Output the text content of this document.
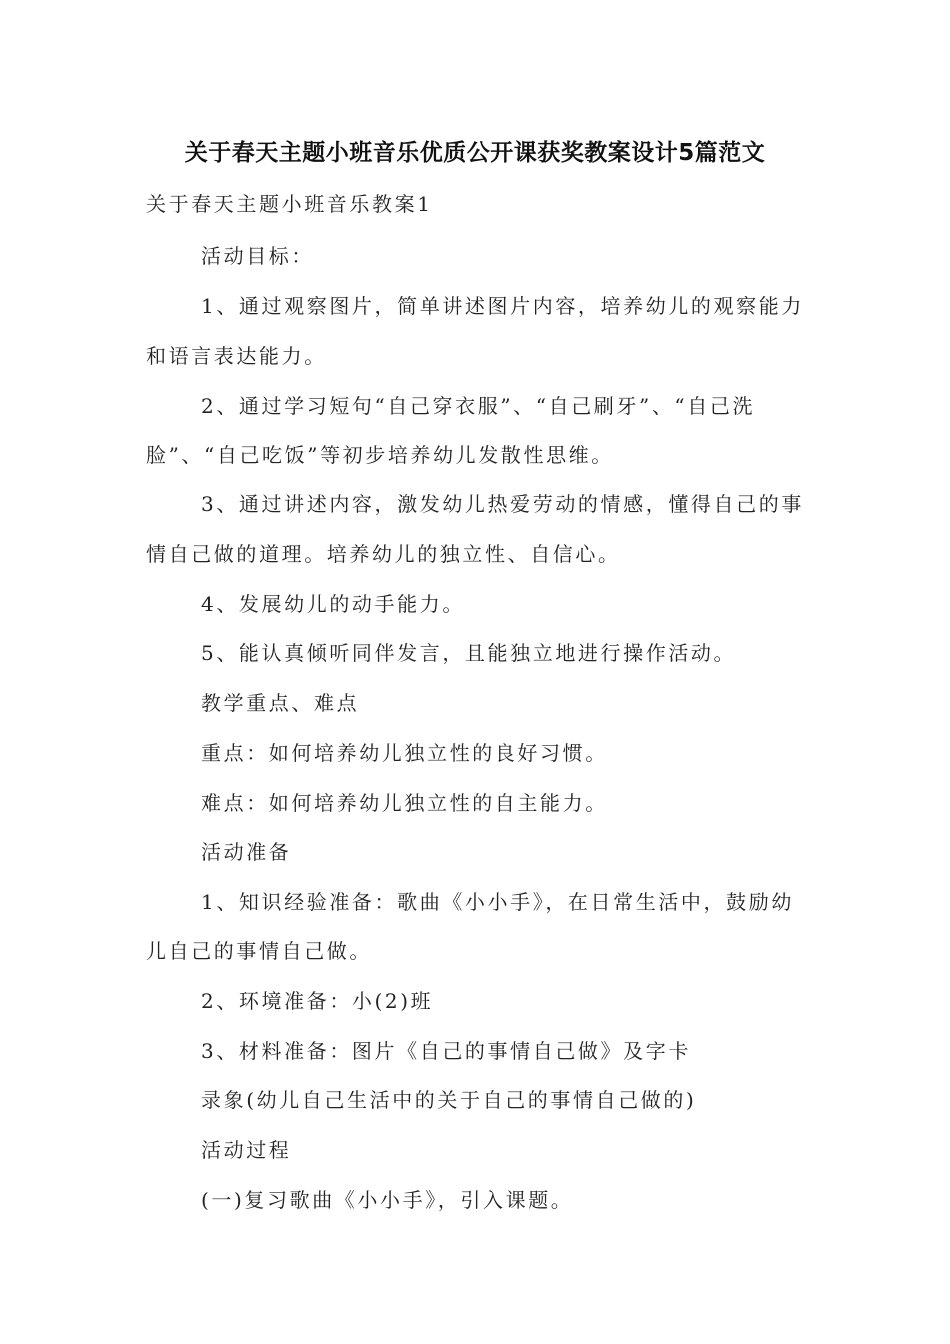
关于春天主题小班音乐优质公开课获奖教案设计5篇范文
关于春天主题小班音乐教案1
活动目标：
1、通过观察图片，简单讲述图片内容，培养幼儿的观察能力
和语言表达能力。
2、通过学习短句“自己穿衣服”、“自己刷牙”、“自己洗
脸”、“自己吃饭”等初步培养幼儿发散性思维。
3、通过讲述内容，激发幼儿热爱劳动的情感，懂得自己的事
情自己做的道理。培养幼儿的独立性、自信心。
4、发展幼儿的动手能力。
5、能认真倾听同伴发言，且能独立地进行操作活动。
教学重点、难点
重点：如何培养幼儿独立性的良好习惯。
难点：如何培养幼儿独立性的自主能力。
活动准备
1、知识经验准备：歌曲《小小手》，在日常生活中，鼓励幼
儿自己的事情自己做。
2、环境准备：小(2)班
3、材料准备：图片《自己的事情自己做》及字卡
录象(幼儿自己生活中的关于自己的事情自己做的)
活动过程
(一)复习歌曲《小小手》，引入课题。
